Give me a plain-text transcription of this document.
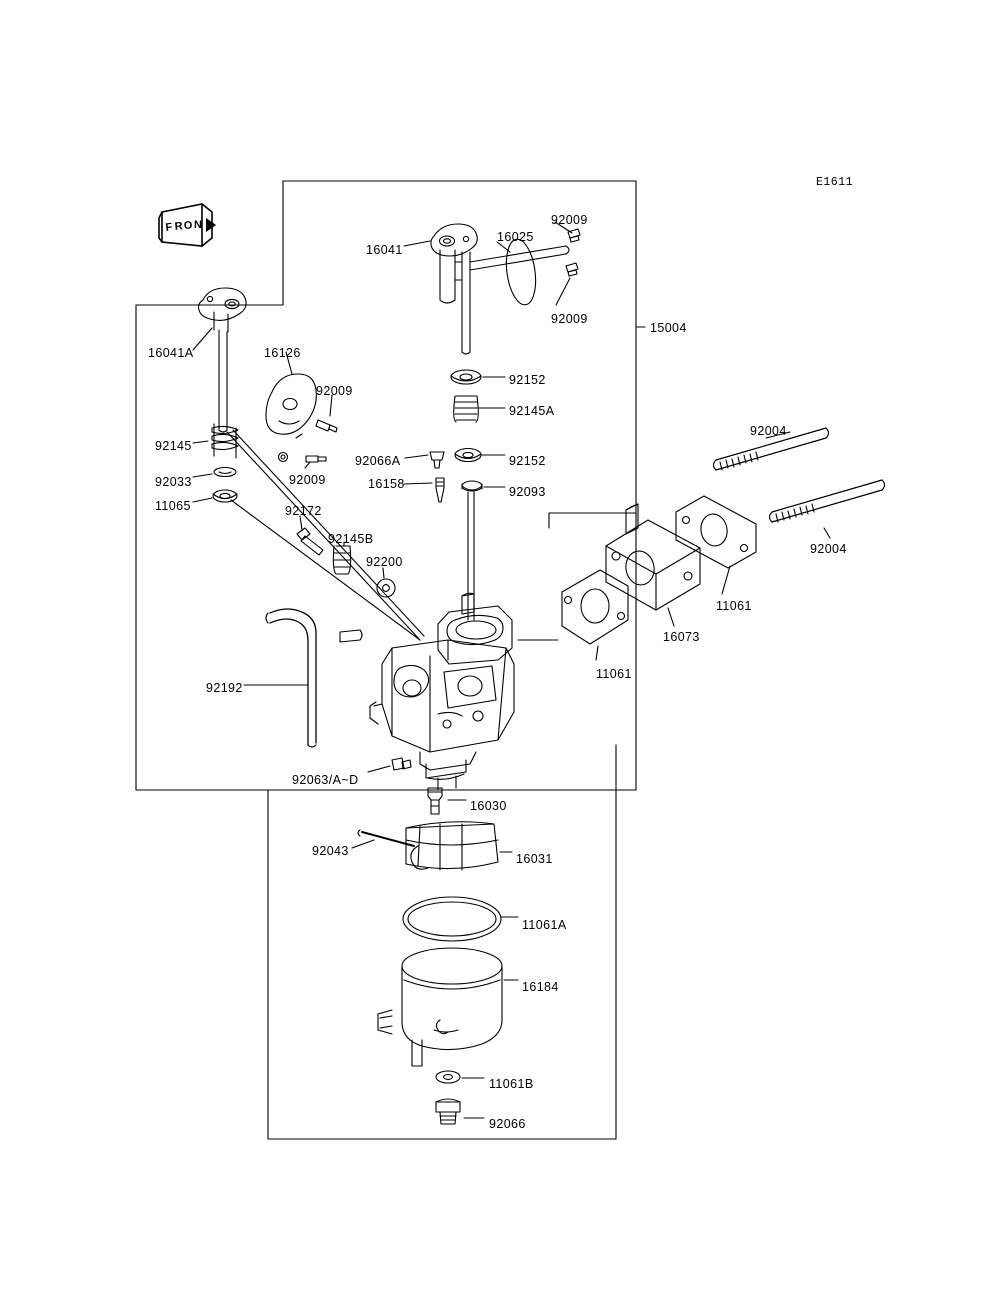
F R O N
E1611
92009
16025
16041
92009
15004
16041A	16126
92009
92152
92145A
92004
92145
92066A	92152
92009
92033	16158
92093
11065	92172
92004
92145B
92200
11061
16073
11061
92192
92063/A~D
16030
92043
16031
11061A
16184
11061B
92066
